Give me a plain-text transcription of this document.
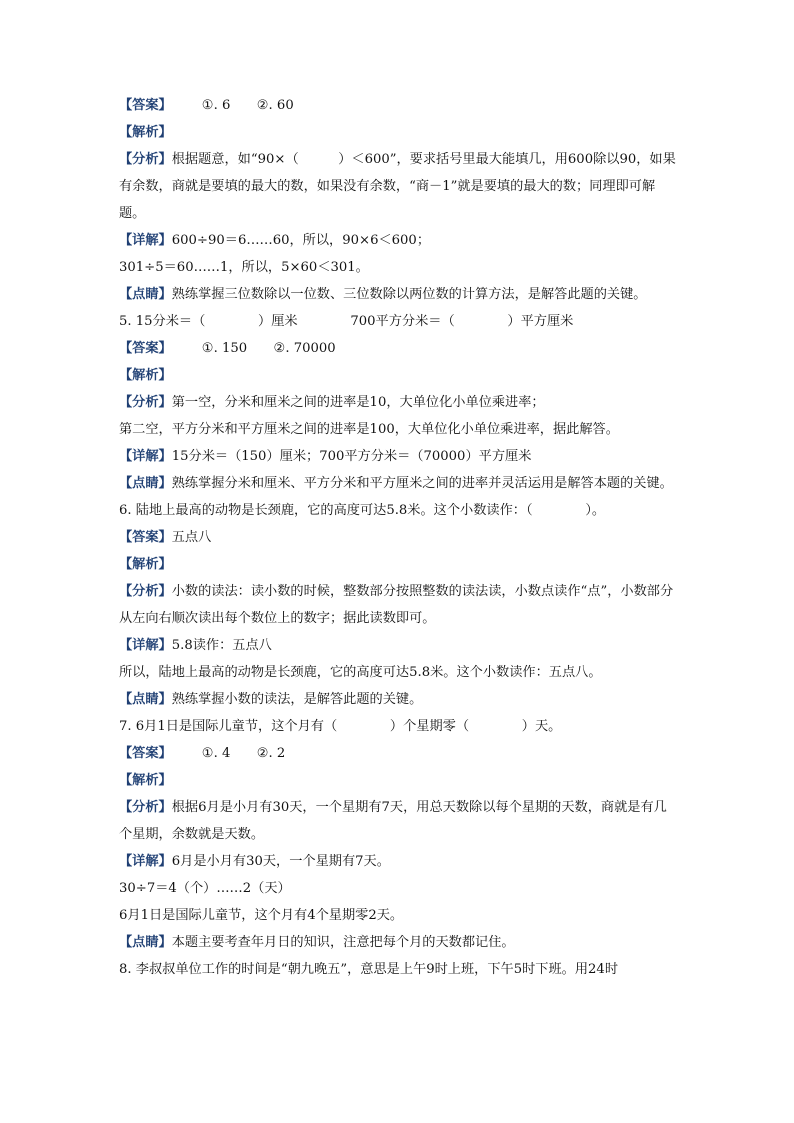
【答案】 ①. 6　　②. 60
【解析】
【分析】根据题意，如“90×（　　　）＜600”，要求括号里最大能填几，用600除以90，如果有余数，商就是要填的最大的数，如果没有余数，“商－1”就是要填的最大的数；同理即可解题。
【详解】600÷90＝6……60，所以，90×6＜600；
301÷5＝60……1，所以，5×60＜301。
【点睛】熟练掌握三位数除以一位数、三位数除以两位数的计算方法，是解答此题的关键。
5. 15分米＝（　　　　）厘米　　　　700平方分米＝（　　　　）平方厘米
【答案】 ①. 150　　②. 70000
【解析】
【分析】第一空，分米和厘米之间的进率是10，大单位化小单位乘进率；
第二空，平方分米和平方厘米之间的进率是100，大单位化小单位乘进率，据此解答。
【详解】15分米＝（150）厘米；700平方分米＝（70000）平方厘米
【点睛】熟练掌握分米和厘米、平方分米和平方厘米之间的进率并灵活运用是解答本题的关键。
6. 陆地上最高的动物是长颈鹿，它的高度可达5.8米。这个小数读作：（　　　　）。
【答案】五点八
【解析】
【分析】小数的读法：读小数的时候，整数部分按照整数的读法读，小数点读作“点”，小数部分从左向右顺次读出每个数位上的数字；据此读数即可。
【详解】5.8读作：五点八
所以，陆地上最高的动物是长颈鹿，它的高度可达5.8米。这个小数读作：五点八。
【点睛】熟练掌握小数的读法，是解答此题的关键。
7. 6月1日是国际儿童节，这个月有（　　　　）个星期零（　　　　）天。
【答案】 ①. 4　　②. 2
【解析】
【分析】根据6月是小月有30天，一个星期有7天，用总天数除以每个星期的天数，商就是有几个星期，余数就是天数。
【详解】6月是小月有30天，一个星期有7天。
30÷7＝4（个）……2（天）
6月1日是国际儿童节，这个月有4个星期零2天。
【点睛】本题主要考查年月日的知识，注意把每个月的天数都记住。
8. 李叔叔单位工作的时间是“朝九晚五”，意思是上午9时上班，下午5时下班。用24时
